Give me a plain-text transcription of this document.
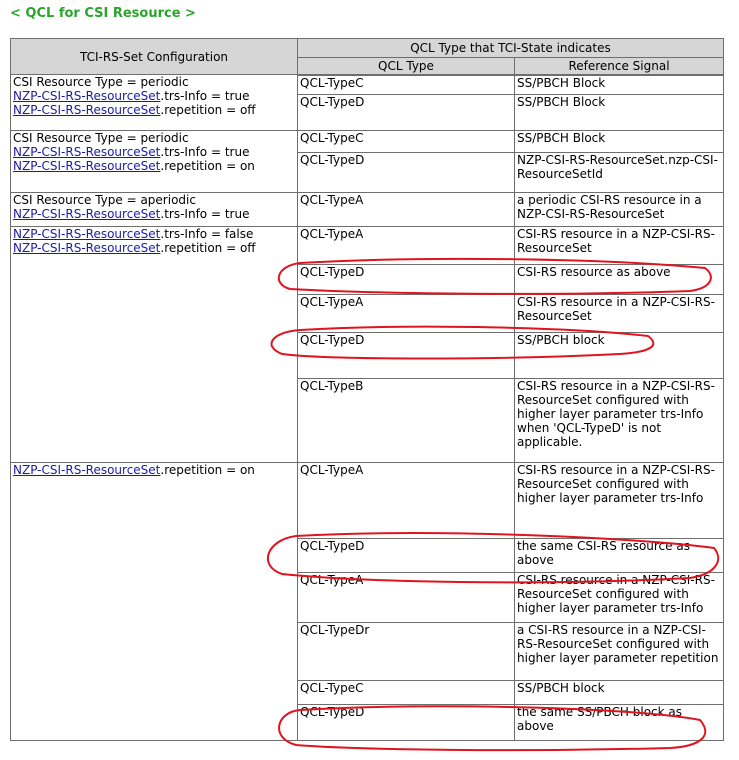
< QCL for CSI Resource >
TCI-RS-Set Configuration	QCL Type that TCI-State indicates	
	QCL Type	Reference Signal

CSI Resource Type = periodic
NZP-CSI-RS-ResourceSet.trs-Info = true
NZP-CSI-RS-ResourceSet.repetition = off	QCL-TypeC	SS/PBCH Block
	QCL-TypeD	SS/PBCH Block

CSI Resource Type = periodic
NZP-CSI-RS-ResourceSet.trs-Info = true
NZP-CSI-RS-ResourceSet.repetition = on	QCL-TypeC	SS/PBCH Block
	QCL-TypeD	NZP-CSI-RS-ResourceSet.nzp-CSI-ResourceSetId

CSI Resource Type = aperiodic
NZP-CSI-RS-ResourceSet.trs-Info = true	QCL-TypeA	a periodic CSI-RS resource in a NZP-CSI-RS-ResourceSet

NZP-CSI-RS-ResourceSet.trs-Info = false
NZP-CSI-RS-ResourceSet.repetition = off	QCL-TypeA	CSI-RS resource in a NZP-CSI-RS-ResourceSet
	QCL-TypeD	CSI-RS resource as above
	QCL-TypeA	CSI-RS resource in a NZP-CSI-RS-ResourceSet
	QCL-TypeD	SS/PBCH block
	QCL-TypeB	CSI-RS resource in a NZP-CSI-RS-ResourceSet configured with higher layer parameter trs-Info when 'QCL-TypeD' is not applicable.

NZP-CSI-RS-ResourceSet.repetition = on	QCL-TypeA	CSI-RS resource in a NZP-CSI-RS-ResourceSet configured with higher layer parameter trs-Info
	QCL-TypeD	the same CSI-RS resource as above
	QCL-TypeA	CSI-RS resource in a NZP-CSI-RS-ResourceSet configured with higher layer parameter trs-Info
	QCL-TypeDr	a CSI-RS resource in a NZP-CSI-RS-ResourceSet configured with higher layer parameter repetition
	QCL-TypeC	SS/PBCH block
	QCL-TypeD	the same SS/PBCH block as above
